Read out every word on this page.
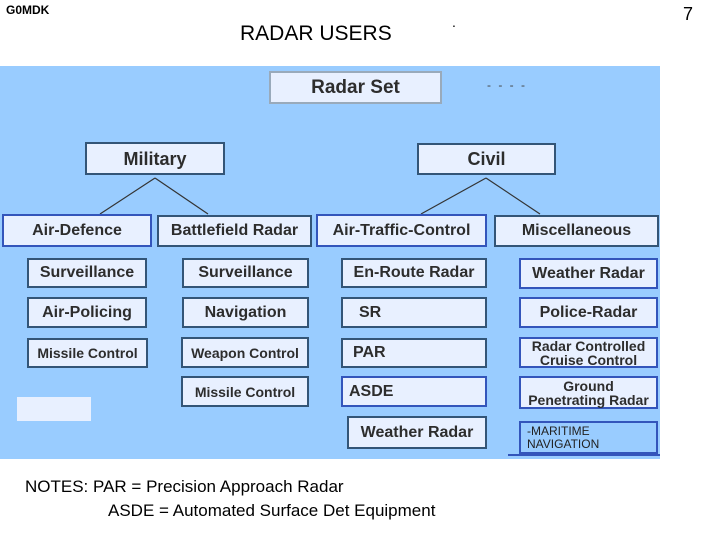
G0MDK	7
RADAR USERS	.
- - - -
Radar Set
Military	Civil
Air-Defence	Battlefield Radar	Air-Traffic-Control	Miscellaneous
Surveillance
Air-Policing
Missile Control
Surveillance
Navigation
Weapon Control
Missile Control
En-Route Radar
SR
PAR
ASDE
Weather Radar
Weather Radar
Police-Radar
Radar Controlled
Cruise Control
Ground
Penetrating Radar
-MARITIME
NAVIGATION
NOTES: PAR = Precision Approach Radar
ASDE = Automated Surface Det Equipment
